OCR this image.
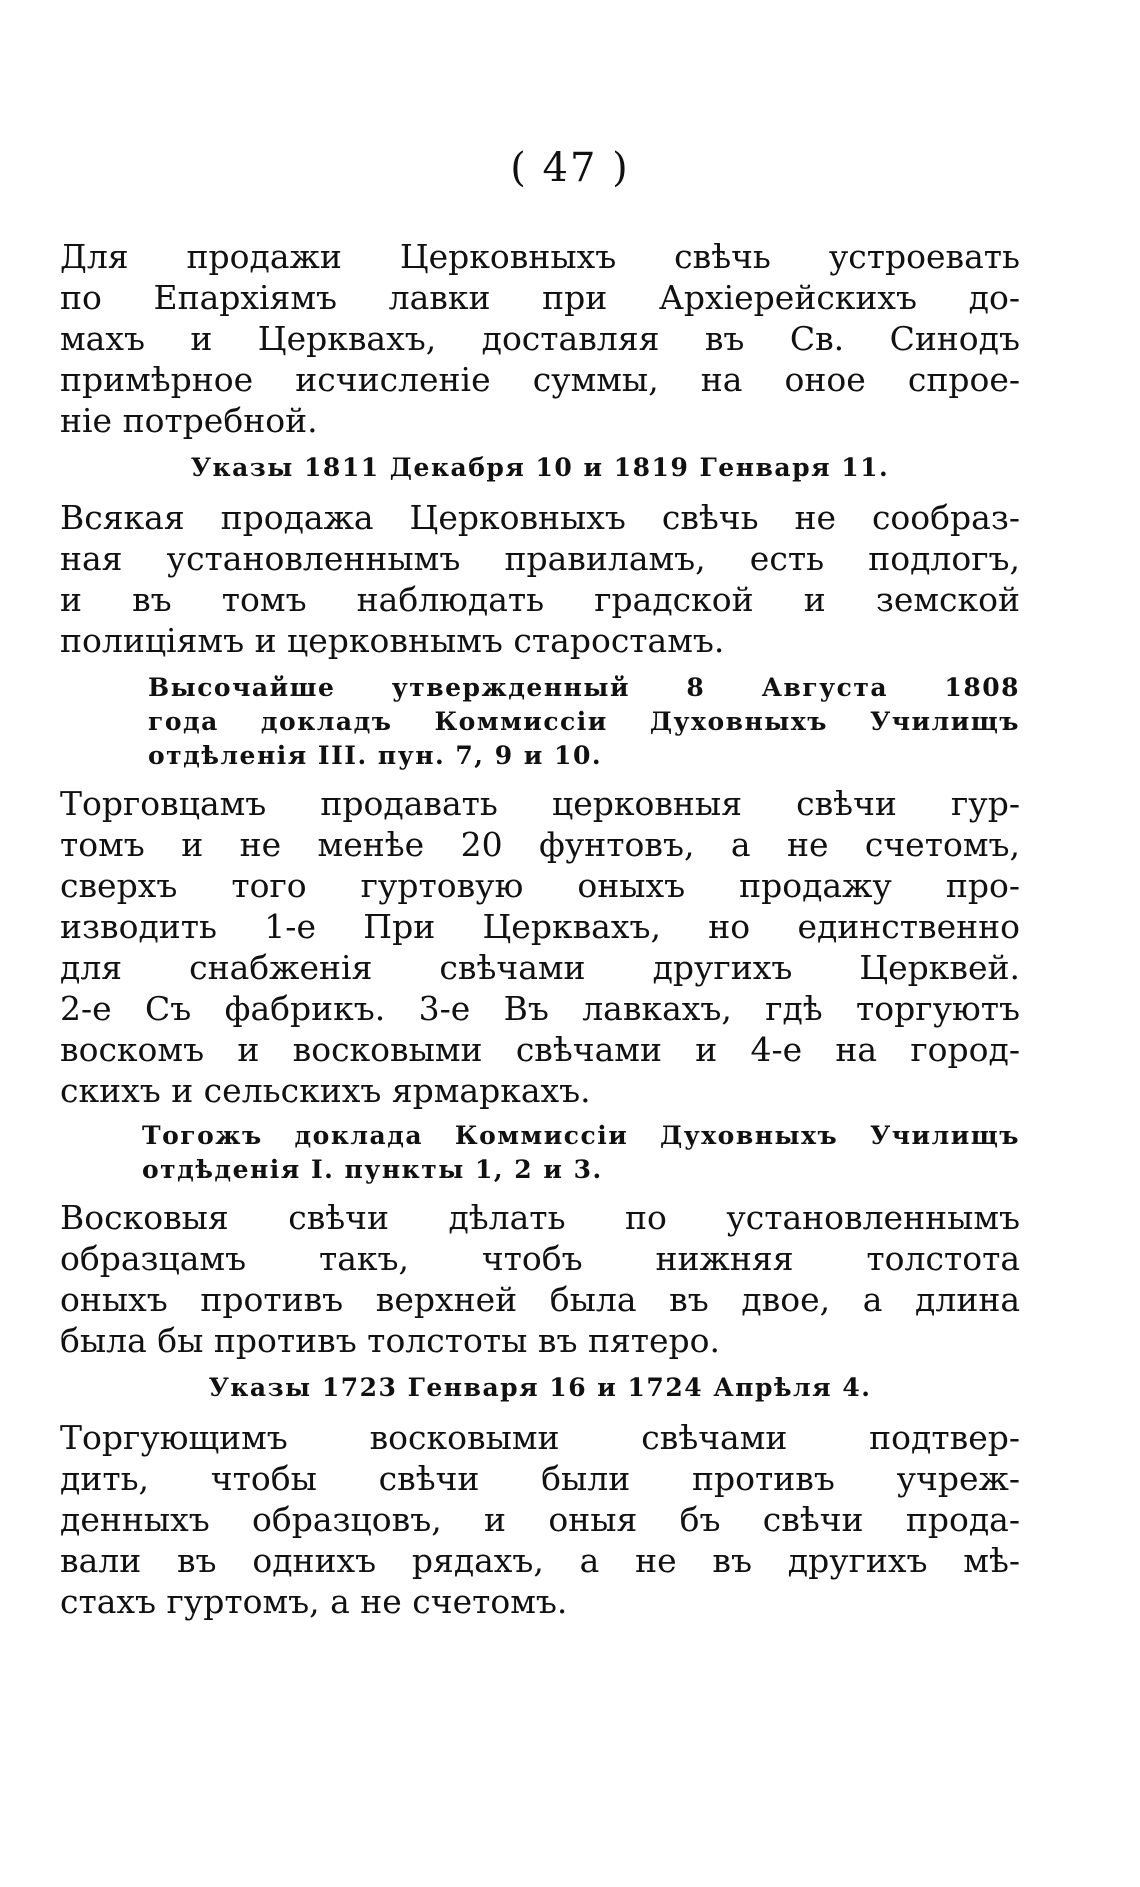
( 47 )
Для продажи Церковныхъ свѣчь устроевать
по Епархіямъ лавки при Архіерейскихъ до-
махъ и Церквахъ, доставляя въ Св. Синодъ
примѣрное исчисленіе суммы, на оное спроe-
ніе потребной.
Указы 1811 Декабря 10 и 1819 Генваря 11.
Всякая продажа Церковныхъ свѣчь не сообраз-
ная установленнымъ правиламъ, есть подлогъ,
и въ томъ наблюдать градской и земской
полиціямъ и церковнымъ старостамъ.
Высочайше утвержденный 8 Августа 1808
года докладъ Коммиссіи Духовныхъ Училищъ
отдѣленія III. пун. 7, 9 и 10.
Торговцамъ продавать церковныя свѣчи гур-
томъ и не менѣе 20 фунтовъ, а не счетомъ,
сверхъ того гуртовую оныхъ продажу про-
изводить 1-е При Церквахъ, но единственно
для снабженія свѣчами другихъ Церквей.
2-е Съ фабрикъ. 3-е Въ лавкахъ, гдѣ торгуютъ
воскомъ и восковыми свѣчами и 4-е на город-
скихъ и сельскихъ ярмаркахъ.
Тогожъ доклада Коммиссіи Духовныхъ Училищъ
отдѣденія I. пункты 1, 2 и 3.
Восковыя свѣчи дѣлать по установленнымъ
образцамъ такъ, чтобъ нижняя толстота
оныхъ противъ верхней была въ двое, а длина
была бы противъ толстоты въ пятеро.
Указы 1723 Генваря 16 и 1724 Апрѣля 4.
Торгующимъ восковыми свѣчами подтвер-
дить, чтобы свѣчи были противъ учреж-
денныхъ образцовъ, и оныя бъ свѣчи прода-
вали въ однихъ рядахъ, а не въ другихъ мѣ-
стахъ гуртомъ, а не счетомъ.
